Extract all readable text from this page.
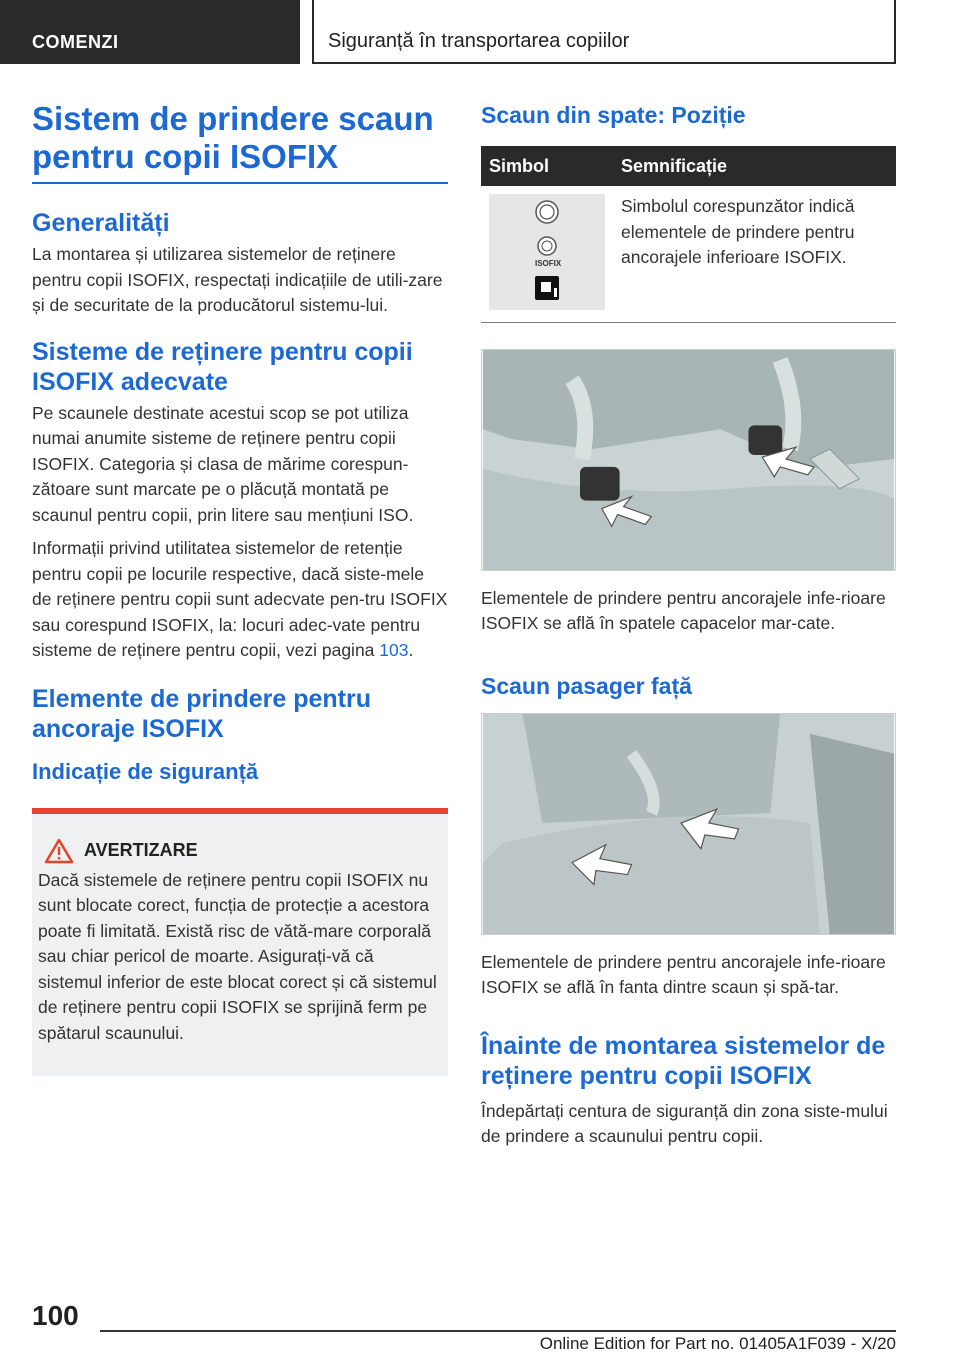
COMENZI	Siguranță în transportarea copiilor
Sistem de prindere scaun pentru copii ISOFIX
Generalități

La montarea și utilizarea sistemelor de reținere pentru copii ISOFIX, respectați indicațiile de utili-zare și de securitate de la producătorul sistemu-lui.

Sisteme de reținere pentru copii ISOFIX adecvate

Pe scaunele destinate acestui scop se pot utiliza numai anumite sisteme de reținere pentru copii ISOFIX. Categoria și clasa de mărime corespun-zătoare sunt marcate pe o plăcuță montată pe scaunul pentru copii, prin litere sau mențiuni ISO.

Informații privind utilitatea sistemelor de retenție pentru copii pe locurile respective, dacă siste-mele de reținere pentru copii sunt adecvate pen-tru ISOFIX sau corespund ISOFIX, la: locuri adec-vate pentru sisteme de reținere pentru copii, vezi pagina 103.

Elemente de prindere pentru ancoraje ISOFIX
Indicație de siguranță
AVERTIZARE

Dacă sistemele de reținere pentru copii ISOFIX nu sunt blocate corect, funcția de protecție a acestora poate fi limitată. Există risc de vătă-mare corporală sau chiar pericol de moarte. Asigurați-vă că sistemul inferior de este blocat corect și că sistemul de reținere pentru copii ISOFIX se sprijină ferm pe spătarul scaunului.

Scaun din spate: Poziție
Simbol	Semnificație

ISOFIX	Simbolul corespunzător indică elementele de prindere pentru ancorajele inferioare ISOFIX.

Elementele de prindere pentru ancorajele infe-rioare ISOFIX se află în spatele capacelor mar-cate.

Scaun pasager față

Elementele de prindere pentru ancorajele infe-rioare ISOFIX se află în fanta dintre scaun și spă-tar.

Înainte de montarea sistemelor de reținere pentru copii ISOFIX

Îndepărtați centura de siguranță din zona siste-mului de prindere a scaunului pentru copii.

100
Online Edition for Part no. 01405A1F039 - X/20
